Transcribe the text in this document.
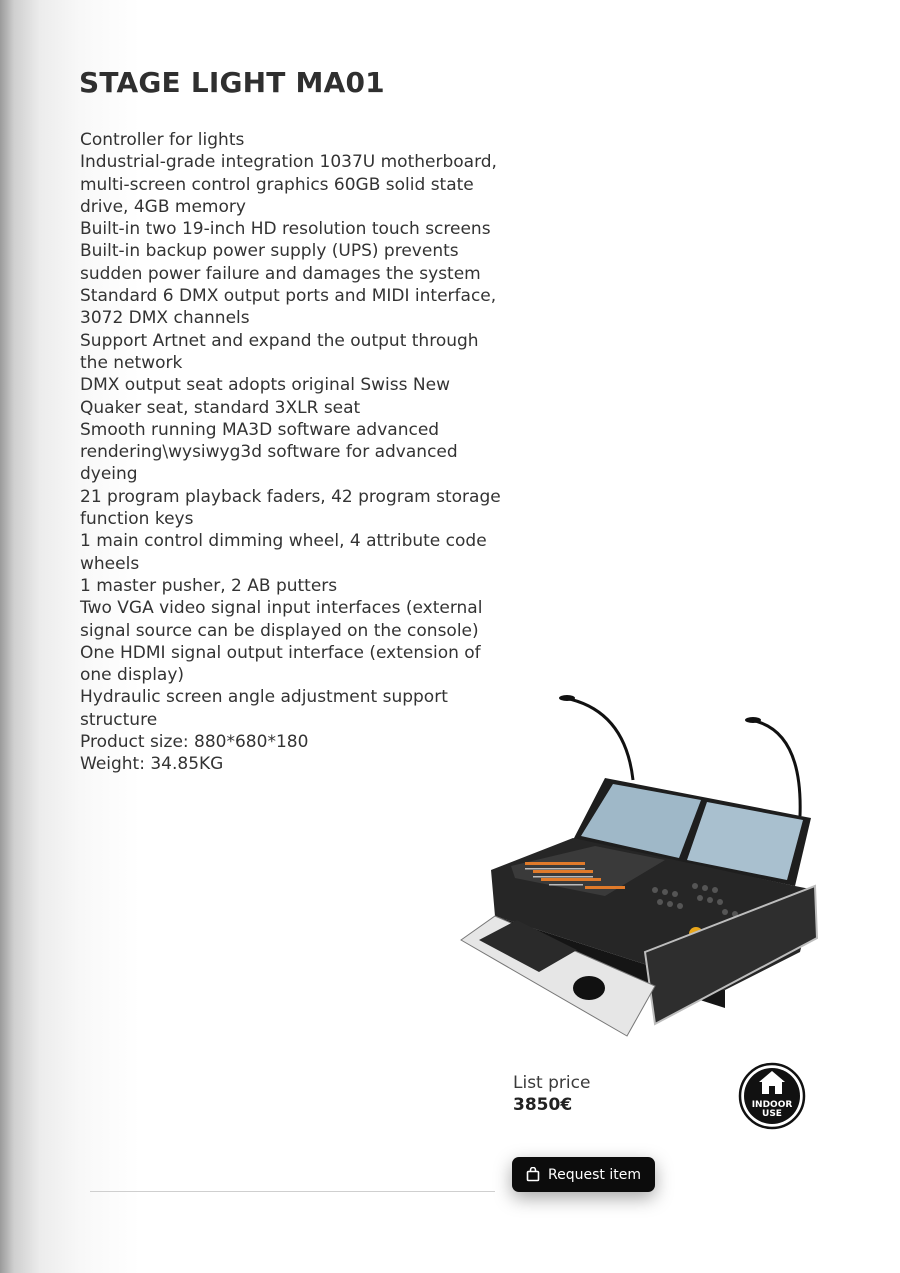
STAGE LIGHT MA01
Controller for lights
Industrial-grade integration 1037U motherboard, multi-screen control graphics 60GB solid state drive, 4GB memory
Built-in two 19-inch HD resolution touch screens
Built-in backup power supply (UPS) prevents sudden power failure and damages the system
Standard 6 DMX output ports and MIDI interface, 3072 DMX channels
Support Artnet and expand the output through the network
DMX output seat adopts original Swiss New Quaker seat, standard 3XLR seat
Smooth running MA3D software advanced rendering\wysiwyg3d software for advanced dyeing
21 program playback faders, 42 program storage function keys
1 main control dimming wheel, 4 attribute code wheels
1 master pusher, 2 AB putters
Two VGA video signal input interfaces (external signal source can be displayed on the console)
One HDMI signal output interface (extension of one display)
Hydraulic screen angle adjustment support structure
Product size: 880*680*180
Weight: 34.85KG
List price
3850€	INDOOR
USE
Request item
